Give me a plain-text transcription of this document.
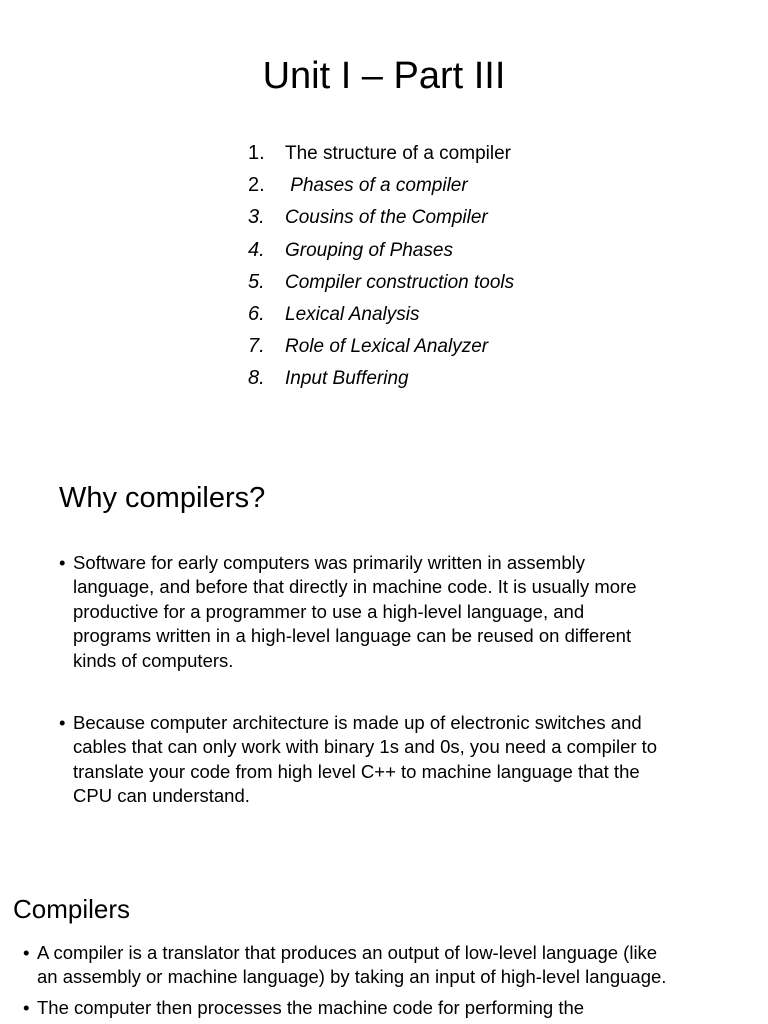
Unit I – Part III
1. The structure of a compiler
2. Phases of a compiler
3. Cousins of the Compiler
4. Grouping of Phases
5. Compiler construction tools
6. Lexical Analysis
7. Role of Lexical Analyzer
8. Input Buffering
Why compilers?
• Software for early computers was primarily written in assembly
language, and before that directly in machine code. It is usually more
productive for a programmer to use a high-level language, and
programs written in a high-level language can be reused on different
kinds of computers.
• Because computer architecture is made up of electronic switches and
cables that can only work with binary 1s and 0s, you need a compiler to
translate your code from high level C++ to machine language that the
CPU can understand.
Compilers
• A compiler is a translator that produces an output of low-level language (like
an assembly or machine language) by taking an input of high-level language.
• The computer then processes the machine code for performing the
